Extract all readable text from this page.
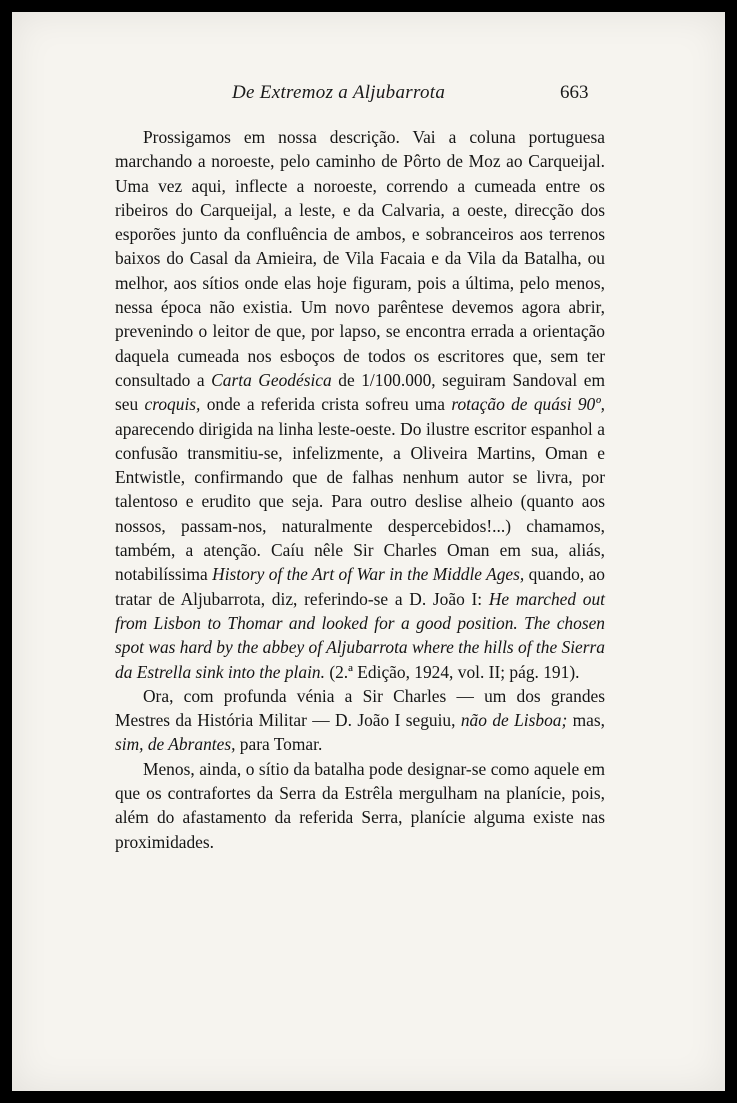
De Extremoz a Aljubarrota	663

Prossigamos em nossa descrição. Vai a coluna portuguesa marchando a noroeste, pelo caminho de Pôrto de Moz ao Carqueijal. Uma vez aqui, inflecte a noroeste, correndo a cumeada entre os ribeiros do Carqueijal, a leste, e da Calvaria, a oeste, direcção dos esporões junto da confluência de ambos, e sobranceiros aos terrenos baixos do Casal da Amieira, de Vila Facaia e da Vila da Batalha, ou melhor, aos sítios onde elas hoje figuram, pois a última, pelo menos, nessa época não existia. Um novo parêntese devemos agora abrir, prevenindo o leitor de que, por lapso, se encontra errada a orientação daquela cumeada nos esboços de todos os escritores que, sem ter consultado a Carta Geodésica de 1/100.000, seguiram Sandoval em seu croquis, onde a referida crista sofreu uma rotação de quási 90º, aparecendo dirigida na linha leste-oeste. Do ilustre escritor espanhol a confusão transmitiu-se, infelizmente, a Oliveira Martins, Oman e Entwistle, confirmando que de falhas nenhum autor se livra, por talentoso e erudito que seja. Para outro deslise alheio (quanto aos nossos, passam-nos, naturalmente despercebidos!...) chamamos, também, a atenção. Caíu nêle Sir Charles Oman em sua, aliás, notabilíssima History of the Art of War in the Middle Ages, quando, ao tratar de Aljubarrota, diz, referindo-se a D. João I: He marched out from Lisbon to Thomar and looked for a good position. The chosen spot was hard by the abbey of Aljubarrota where the hills of the Sierra da Estrella sink into the plain. (2.ª Edição, 1924, vol. II; pág. 191).

Ora, com profunda vénia a Sir Charles — um dos grandes Mestres da História Militar — D. João I seguiu, não de Lisboa; mas, sim, de Abrantes, para Tomar.

Menos, ainda, o sítio da batalha pode designar-se como aquele em que os contrafortes da Serra da Estrêla mergulham na planície, pois, além do afastamento da referida Serra, planície alguma existe nas proximidades.
